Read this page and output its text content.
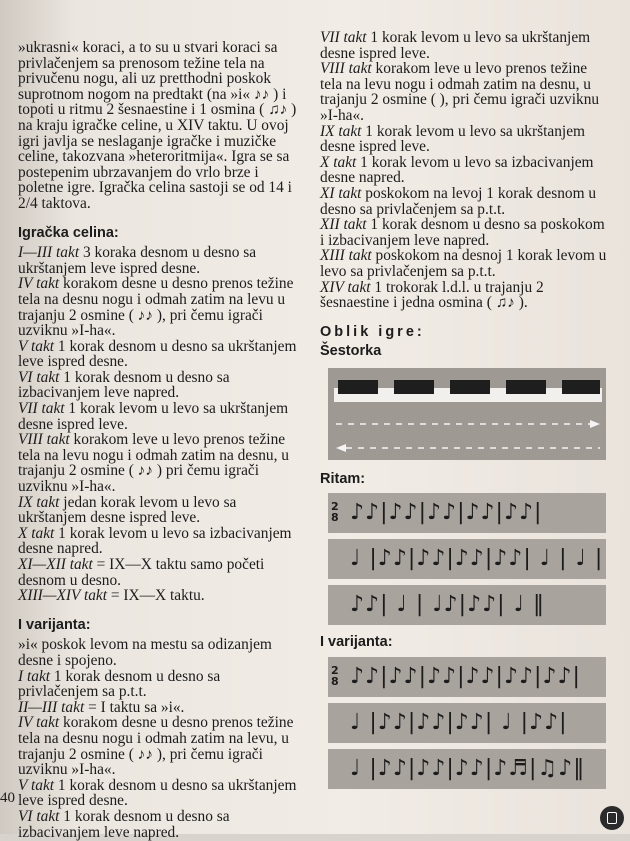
»ukrasni« koraci, a to su u stvari koraci sa privlačenjem sa prenosom težine tela na privučenu nogu, ali uz pretthodni poskok suprotnom nogom na predtakt (na »i« ♪♪ ) i topoti u ritmu 2 šesnaestine i 1 osmina ( ♫♪ ) na kraju igračke celine, u XIV taktu. U ovoj igri javlja se neslaganje igračke i muzičke celine, takozvana »heteroritmija«. Igra se sa postepenim ubrzavanjem do vrlo brze i poletne igre. Igračka celina sastoji se od 14 i 2/4 taktova.

Igračka celina:

I—III takt 3 koraka desnom u desno sa ukrštanjem leve ispred desne.

IV takt korakom desne u desno prenos težine tela na desnu nogu i odmah zatim na levu u trajanju 2 osmine ( ♪♪ ), pri čemu igrači uzviknu »I-ha«.

V takt 1 korak desnom u desno sa ukrštanjem leve ispred desne.

VI takt 1 korak desnom u desno sa izbacivanjem leve napred.

VII takt 1 korak levom u levo sa ukrštanjem desne ispred leve.

VIII takt korakom leve u levo prenos težine tela na levu nogu i odmah zatim na desnu, u trajanju 2 osmine ( ♪♪ ) pri čemu igrači uzviknu »I-ha«.

IX takt jedan korak levom u levo sa ukrštanjem desne ispred leve.

X takt 1 korak levom u levo sa izbacivanjem desne napred.

XI—XII takt = IX—X taktu samo početi desnom u desno.

XIII—XIV takt = IX—X taktu.

I varijanta:

»i« poskok levom na mestu sa odizanjem desne i spojeno.

I takt 1 korak desnom u desno sa privlačenjem sa p.t.t.

II—III takt = I taktu sa »i«.

IV takt korakom desne u desno prenos težine tela na desnu nogu i odmah zatim na levu, u trajanju 2 osmine ( ♪♪ ), pri čemu igrači uzviknu »I-ha«.

V takt 1 korak desnom u desno sa ukrštanjem leve ispred desne.

VI takt 1 korak desnom u desno sa izbacivanjem leve napred.

VII takt 1 korak levom u levo sa ukrštanjem desne ispred leve.

VIII takt korakom leve u levo prenos težine tela na levu nogu i odmah zatim na desnu, u trajanju 2 osmine ( ), pri čemu igrači uzviknu »I-ha«.

IX takt 1 korak levom u levo sa ukrštanjem desne ispred leve.

X takt 1 korak levom u levo sa izbacivanjem desne napred.

XI takt poskokom na levoj 1 korak desnom u desno sa privlačenjem sa p.t.t.

XII takt 1 korak desnom u desno sa poskokom i izbacivanjem leve napred.

XIII takt poskokom na desnoj 1 korak levom u levo sa privlačenjem sa p.t.t.

XIV takt 1 trokorak l.d.l. u trajanju 2 šesnaestine i jedna osmina ( ♫♪ ).

Oblik igre:

Šestorka

Ritam:

2
8 ♪♪|♪♪|♪♪|♪♪|♪♪|
♩ |♪♪|♪♪|♪♪|♪♪| ♩ | ♩ |
♪♪| ♩ | ♩♪|♪♪| ♩ ‖

I varijanta:

2
8 ♪♪|♪♪|♪♪|♪♪|♪♪|♪♪|
♩ |♪♪|♪♪|♪♪| ♩ |♪♪|
♩ |♪♪|♪♪|♪♪|♪♬|♫♪‖
40
